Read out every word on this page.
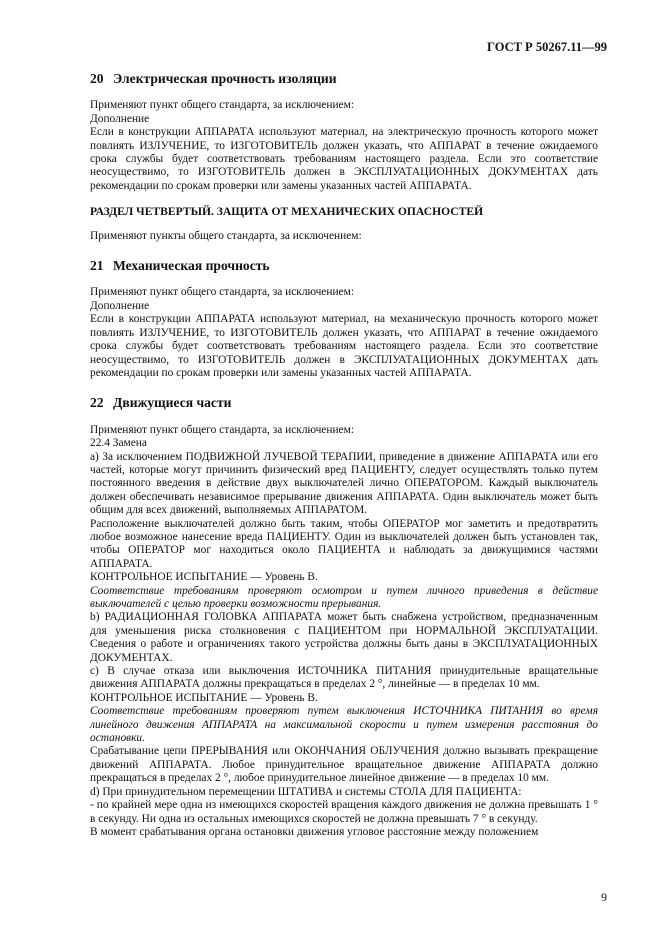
ГОСТ Р 50267.11—99
20 Электрическая прочность изоляции

Применяют пункт общего стандарта, за исключением:

Дополнение

Если в конструкции АППАРАТА используют материал, на электрическую прочность которого может повлиять ИЗЛУЧЕНИЕ, то ИЗГОТОВИТЕЛЬ должен указать, что АППАРАТ в течение ожидаемого срока службы будет соответствовать требованиям настоящего раздела. Если это соответствие неосуществимо, то ИЗГОТОВИТЕЛЬ должен в ЭКСПЛУАТАЦИОННЫХ ДОКУМЕНТАХ дать рекомендации по срокам проверки или замены указанных частей АППАРАТА.

РАЗДЕЛ ЧЕТВЕРТЫЙ. ЗАЩИТА ОТ МЕХАНИЧЕСКИХ ОПАСНОСТЕЙ

Применяют пункты общего стандарта, за исключением:

21 Механическая прочность

Применяют пункт общего стандарта, за исключением:

Дополнение

Если в конструкции АППАРАТА используют материал, на механическую прочность которого может повлиять ИЗЛУЧЕНИЕ, то ИЗГОТОВИТЕЛЬ должен указать, что АППАРАТ в течение ожидаемого срока службы будет соответствовать требованиям настоящего раздела. Если это соответствие неосуществимо, то ИЗГОТОВИТЕЛЬ должен в ЭКСПЛУАТАЦИОННЫХ ДОКУМЕНТАХ дать рекомендации по срокам проверки или замены указанных частей АППАРАТА.

22 Движущиеся части

Применяют пункт общего стандарта, за исключением:

22.4 Замена

а) За исключением ПОДВИЖНОЙ ЛУЧЕВОЙ ТЕРАПИИ, приведение в движение АППАРАТА или его частей, которые могут причинить физический вред ПАЦИЕНТУ, следует осуществлять только путем постоянного введения в действие двух выключателей лично ОПЕРАТОРОМ. Каждый выключатель должен обеспечивать независимое прерывание движения АППАРАТА. Один выключатель может быть общим для всех движений, выполняемых АППАРАТОМ.

Расположение выключателей должно быть таким, чтобы ОПЕРАТОР мог заметить и предотвратить любое возможное нанесение вреда ПАЦИЕНТУ. Один из выключателей должен быть установлен так, чтобы ОПЕРАТОР мог находиться около ПАЦИЕНТА и наблюдать за движущимися частями АППАРАТА.

КОНТРОЛЬНОЕ ИСПЫТАНИЕ — Уровень В.

Соответствие требованиям проверяют осмотром и путем личного приведения в действие выключателей с целью проверки возможности прерывания.

b) РАДИАЦИОННАЯ ГОЛОВКА АППАРАТА может быть снабжена устройством, предназначенным для уменьшения риска столкновения с ПАЦИЕНТОМ при НОРМАЛЬНОЙ ЭКСПЛУАТАЦИИ. Сведения о работе и ограничениях такого устройства должны быть даны в ЭКСПЛУАТАЦИОННЫХ ДОКУМЕНТАХ.

с) В случае отказа или выключения ИСТОЧНИКА ПИТАНИЯ принудительные вращательные движения АППАРАТА должны прекращаться в пределах 2 °, линейные — в пределах 10 мм.

КОНТРОЛЬНОЕ ИСПЫТАНИЕ — Уровень В.

Соответствие требованиям проверяют путем выключения ИСТОЧНИКА ПИТАНИЯ во время линейного движения АППАРАТА на максимальной скорости и путем измерения расстояния до остановки.

Срабатывание цепи ПРЕРЫВАНИЯ или ОКОНЧАНИЯ ОБЛУЧЕНИЯ должно вызывать прекращение движений АППАРАТА. Любое принудительное вращательное движение АППАРАТА должно прекращаться в пределах 2 °, любое принудительное линейное движение — в пределах 10 мм.

d) При принудительном перемещении ШТАТИВА и системы СТОЛА ДЛЯ ПАЦИЕНТА:

- по крайней мере одна из имеющихся скоростей вращения каждого движения не должна превышать 1 ° в секунду. Ни одна из остальных имеющихся скоростей не должна превышать 7 ° в секунду.

В момент срабатывания органа остановки движения угловое расстояние между положением

9
